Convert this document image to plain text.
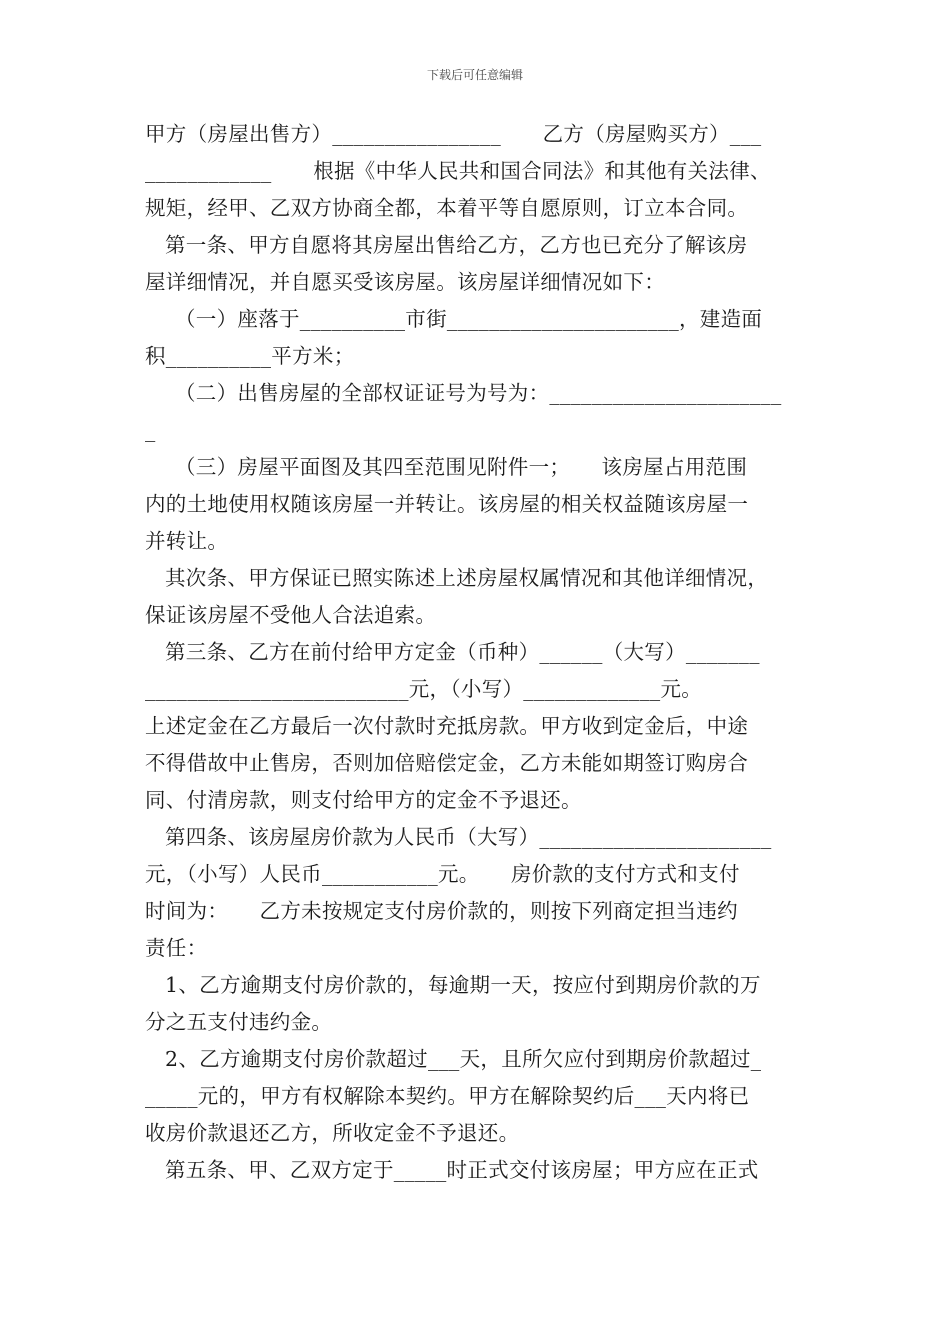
下载后可任意编辑
甲方（房屋出售方）________________　　乙方（房屋购买方）___
____________　　根据《中华人民共和国合同法》和其他有关法律、
规矩，经甲、乙双方协商全都，本着平等自愿原则，订立本合同。
第一条、甲方自愿将其房屋出售给乙方，乙方也已充分了解该房
屋详细情况，并自愿买受该房屋。该房屋详细情况如下：
（一）座落于__________市街______________________，建造面
积__________平方米；
（二）出售房屋的全部权证证号为号为：______________________
_
（三）房屋平面图及其四至范围见附件一；　　该房屋占用范围
内的土地使用权随该房屋一并转让。该房屋的相关权益随该房屋一
并转让。
其次条、甲方保证已照实陈述上述房屋权属情况和其他详细情况，
保证该房屋不受他人合法追索。
第三条、乙方在前付给甲方定金（币种）______（大写）_______
_________________________元，（小写）_____________元。
上述定金在乙方最后一次付款时充抵房款。甲方收到定金后，中途
不得借故中止售房，否则加倍赔偿定金，乙方未能如期签订购房合
同、付清房款，则支付给甲方的定金不予退还。
第四条、该房屋房价款为人民币（大写）______________________
元，（小写）人民币___________元。　　房价款的支付方式和支付
时间为：　　乙方未按规定支付房价款的，则按下列商定担当违约
责任：
1、乙方逾期支付房价款的，每逾期一天，按应付到期房价款的万
分之五支付违约金。
2、乙方逾期支付房价款超过___天，且所欠应付到期房价款超过_
_____元的，甲方有权解除本契约。甲方在解除契约后___天内将已
收房价款退还乙方，所收定金不予退还。
第五条、甲、乙双方定于_____时正式交付该房屋；甲方应在正式
